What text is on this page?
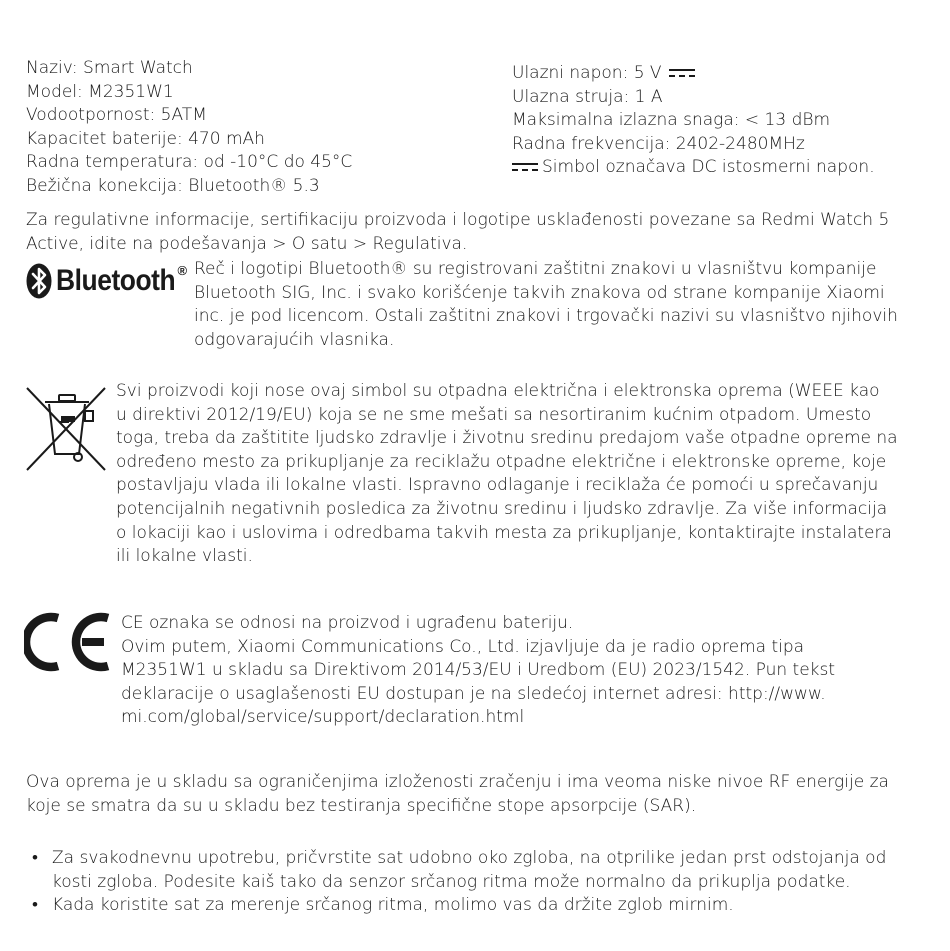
Naziv: Smart Watch
Model: M2351W1
Vodootpornost: 5ATM
Kapacitet baterije: 470 mAh
Radna temperatura: od -10°C do 45°C
Bežična konekcija: Bluetooth® 5.3
Ulazni napon: 5 V
Ulazna struja: 1 A
Maksimalna izlazna snaga: < 13 dBm
Radna frekvencija: 2402-2480MHz
Simbol označava DC istosmerni napon.
Za regulativne informacije, sertifikaciju proizvoda i logotipe usklađenosti povezane sa Redmi Watch 5
Active, idite na podešavanja > O satu > Regulativa.
Bluetooth ® Reč i logotipi Bluetooth® su registrovani zaštitni znakovi u vlasništvu kompanije
Bluetooth SIG, Inc. i svako korišćenje takvih znakova od strane kompanije Xiaomi
inc. je pod licencom. Ostali zaštitni znakovi i trgovački nazivi su vlasništvo njihovih
odgovarajućih vlasnika.
Svi proizvodi koji nose ovaj simbol su otpadna električna i elektronska oprema (WEEE kao
u direktivi 2012/19/EU) koja se ne sme mešati sa nesortiranim kućnim otpadom. Umesto
toga, treba da zaštitite ljudsko zdravlje i životnu sredinu predajom vaše otpadne opreme na
određeno mesto za prikupljanje za reciklažu otpadne električne i elektronske opreme, koje
postavljaju vlada ili lokalne vlasti. Ispravno odlaganje i reciklaža će pomoći u sprečavanju
potencijalnih negativnih posledica za životnu sredinu i ljudsko zdravlje. Za više informacija
o lokaciji kao i uslovima i odredbama takvih mesta za prikupljanje, kontaktirajte instalatera
ili lokalne vlasti.
CE oznaka se odnosi na proizvod i ugrađenu bateriju.
Ovim putem, Xiaomi Communications Co., Ltd. izjavljuje da je radio oprema tipa
M2351W1 u skladu sa Direktivom 2014/53/EU i Uredbom (EU) 2023/1542. Pun tekst
deklaracije o usaglašenosti EU dostupan je na sledećoj internet adresi: http://www.
mi.com/global/service/support/declaration.html
Ova oprema je u skladu sa ograničenjima izloženosti zračenju i ima veoma niske nivoe RF energije za
koje se smatra da su u skladu bez testiranja specifične stope apsorpcije (SAR).
• Za svakodnevnu upotrebu, pričvrstite sat udobno oko zgloba, na otprilike jedan prst odstojanja od
kosti zgloba. Podesite kaiš tako da senzor srčanog ritma može normalno da prikuplja podatke.
• Kada koristite sat za merenje srčanog ritma, molimo vas da držite zglob mirnim.
